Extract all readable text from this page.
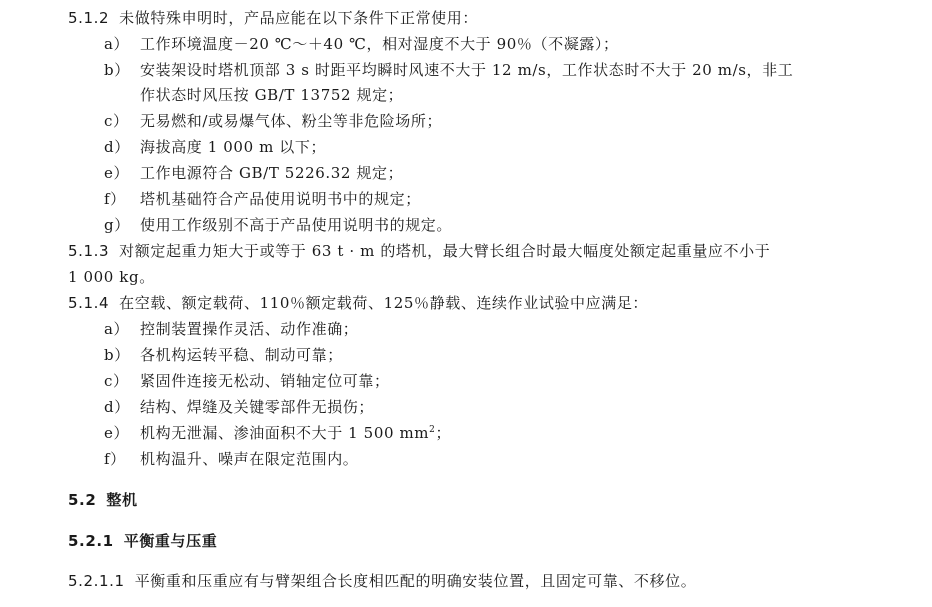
5.1.2 未做特殊申明时，产品应能在以下条件下正常使用：
a） 工作环境温度－20 ℃～＋40 ℃，相对湿度不大于 90％（不凝露）；
b） 安装架设时塔机顶部 3 s 时距平均瞬时风速不大于 12 m/s，工作状态时不大于 20 m/s，非工
作状态时风压按 GB/T 13752 规定；
c） 无易燃和/或易爆气体、粉尘等非危险场所；
d） 海拔高度 1 000 m 以下；
e） 工作电源符合 GB/T 5226.32 规定；
f） 塔机基础符合产品使用说明书中的规定；
g） 使用工作级别不高于产品使用说明书的规定。
5.1.3 对额定起重力矩大于或等于 63 t · m 的塔机，最大臂长组合时最大幅度处额定起重量应不小于
1 000 kg。
5.1.4 在空载、额定载荷、110％额定载荷、125％静载、连续作业试验中应满足：
a） 控制装置操作灵活、动作准确；
b） 各机构运转平稳、制动可靠；
c） 紧固件连接无松动、销轴定位可靠；
d） 结构、焊缝及关键零部件无损伤；
e） 机构无泄漏、渗油面积不大于 1 500 $mm^2$；
f） 机构温升、噪声在限定范围内。
5.2 整机
5.2.1 平衡重与压重
5.2.1.1 平衡重和压重应有与臂架组合长度相匹配的明确安装位置，且固定可靠、不移位。
